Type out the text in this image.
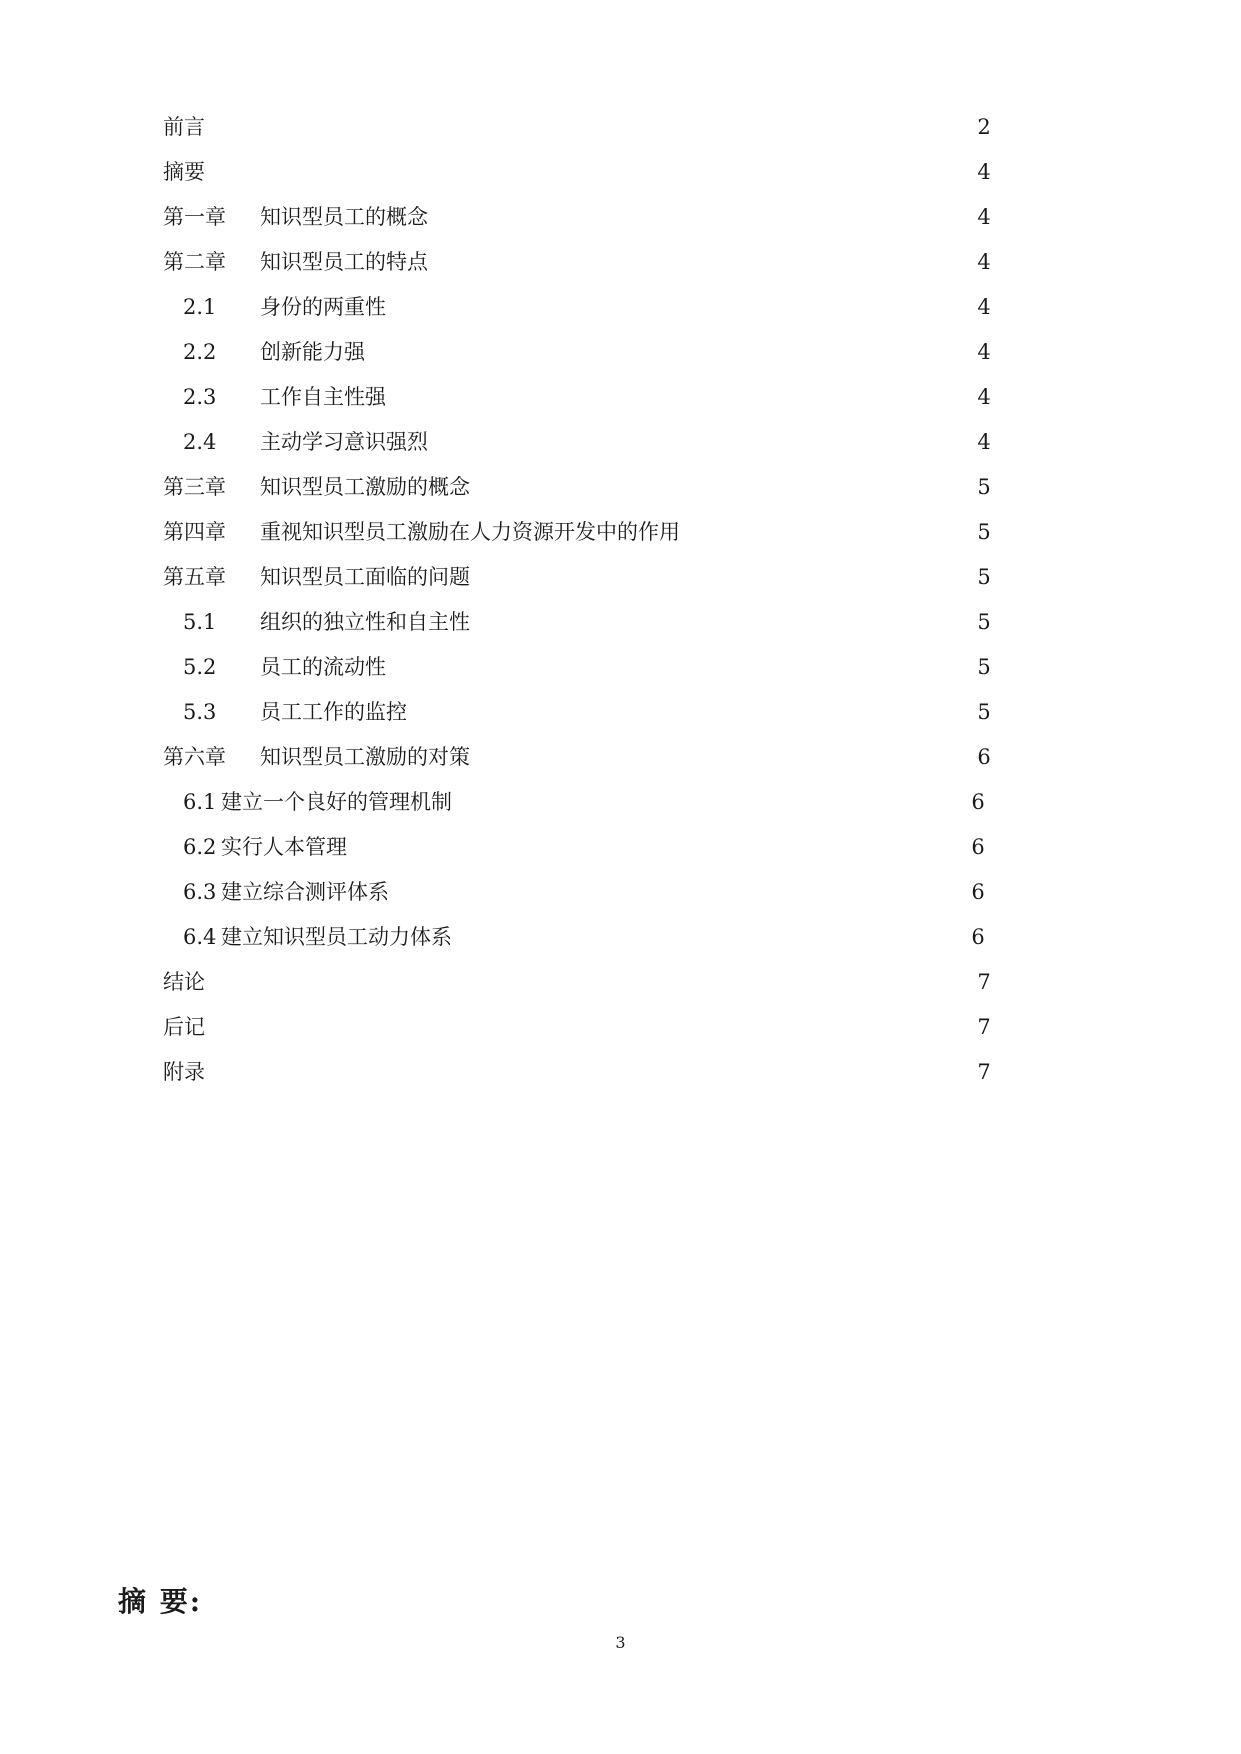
前言	2
摘要	4
第一章 知识型员工的概念	4
第二章 知识型员工的特点	4
2.1 身份的两重性	4
2.2 创新能力强	4
2.3 工作自主性强	4
2.4 主动学习意识强烈	4
第三章 知识型员工激励的概念	5
第四章 重视知识型员工激励在人力资源开发中的作用	5
第五章 知识型员工面临的问题	5
5.1 组织的独立性和自主性	5
5.2 员工的流动性	5
5.3 员工工作的监控	5
第六章 知识型员工激励的对策	6
6.1 建立一个良好的管理机制	6
6.2 实行人本管理	6
6.3 建立综合测评体系	6
6.4 建立知识型员工动力体系	6
结论	7
后记	7
附录	7
摘 要:
3
